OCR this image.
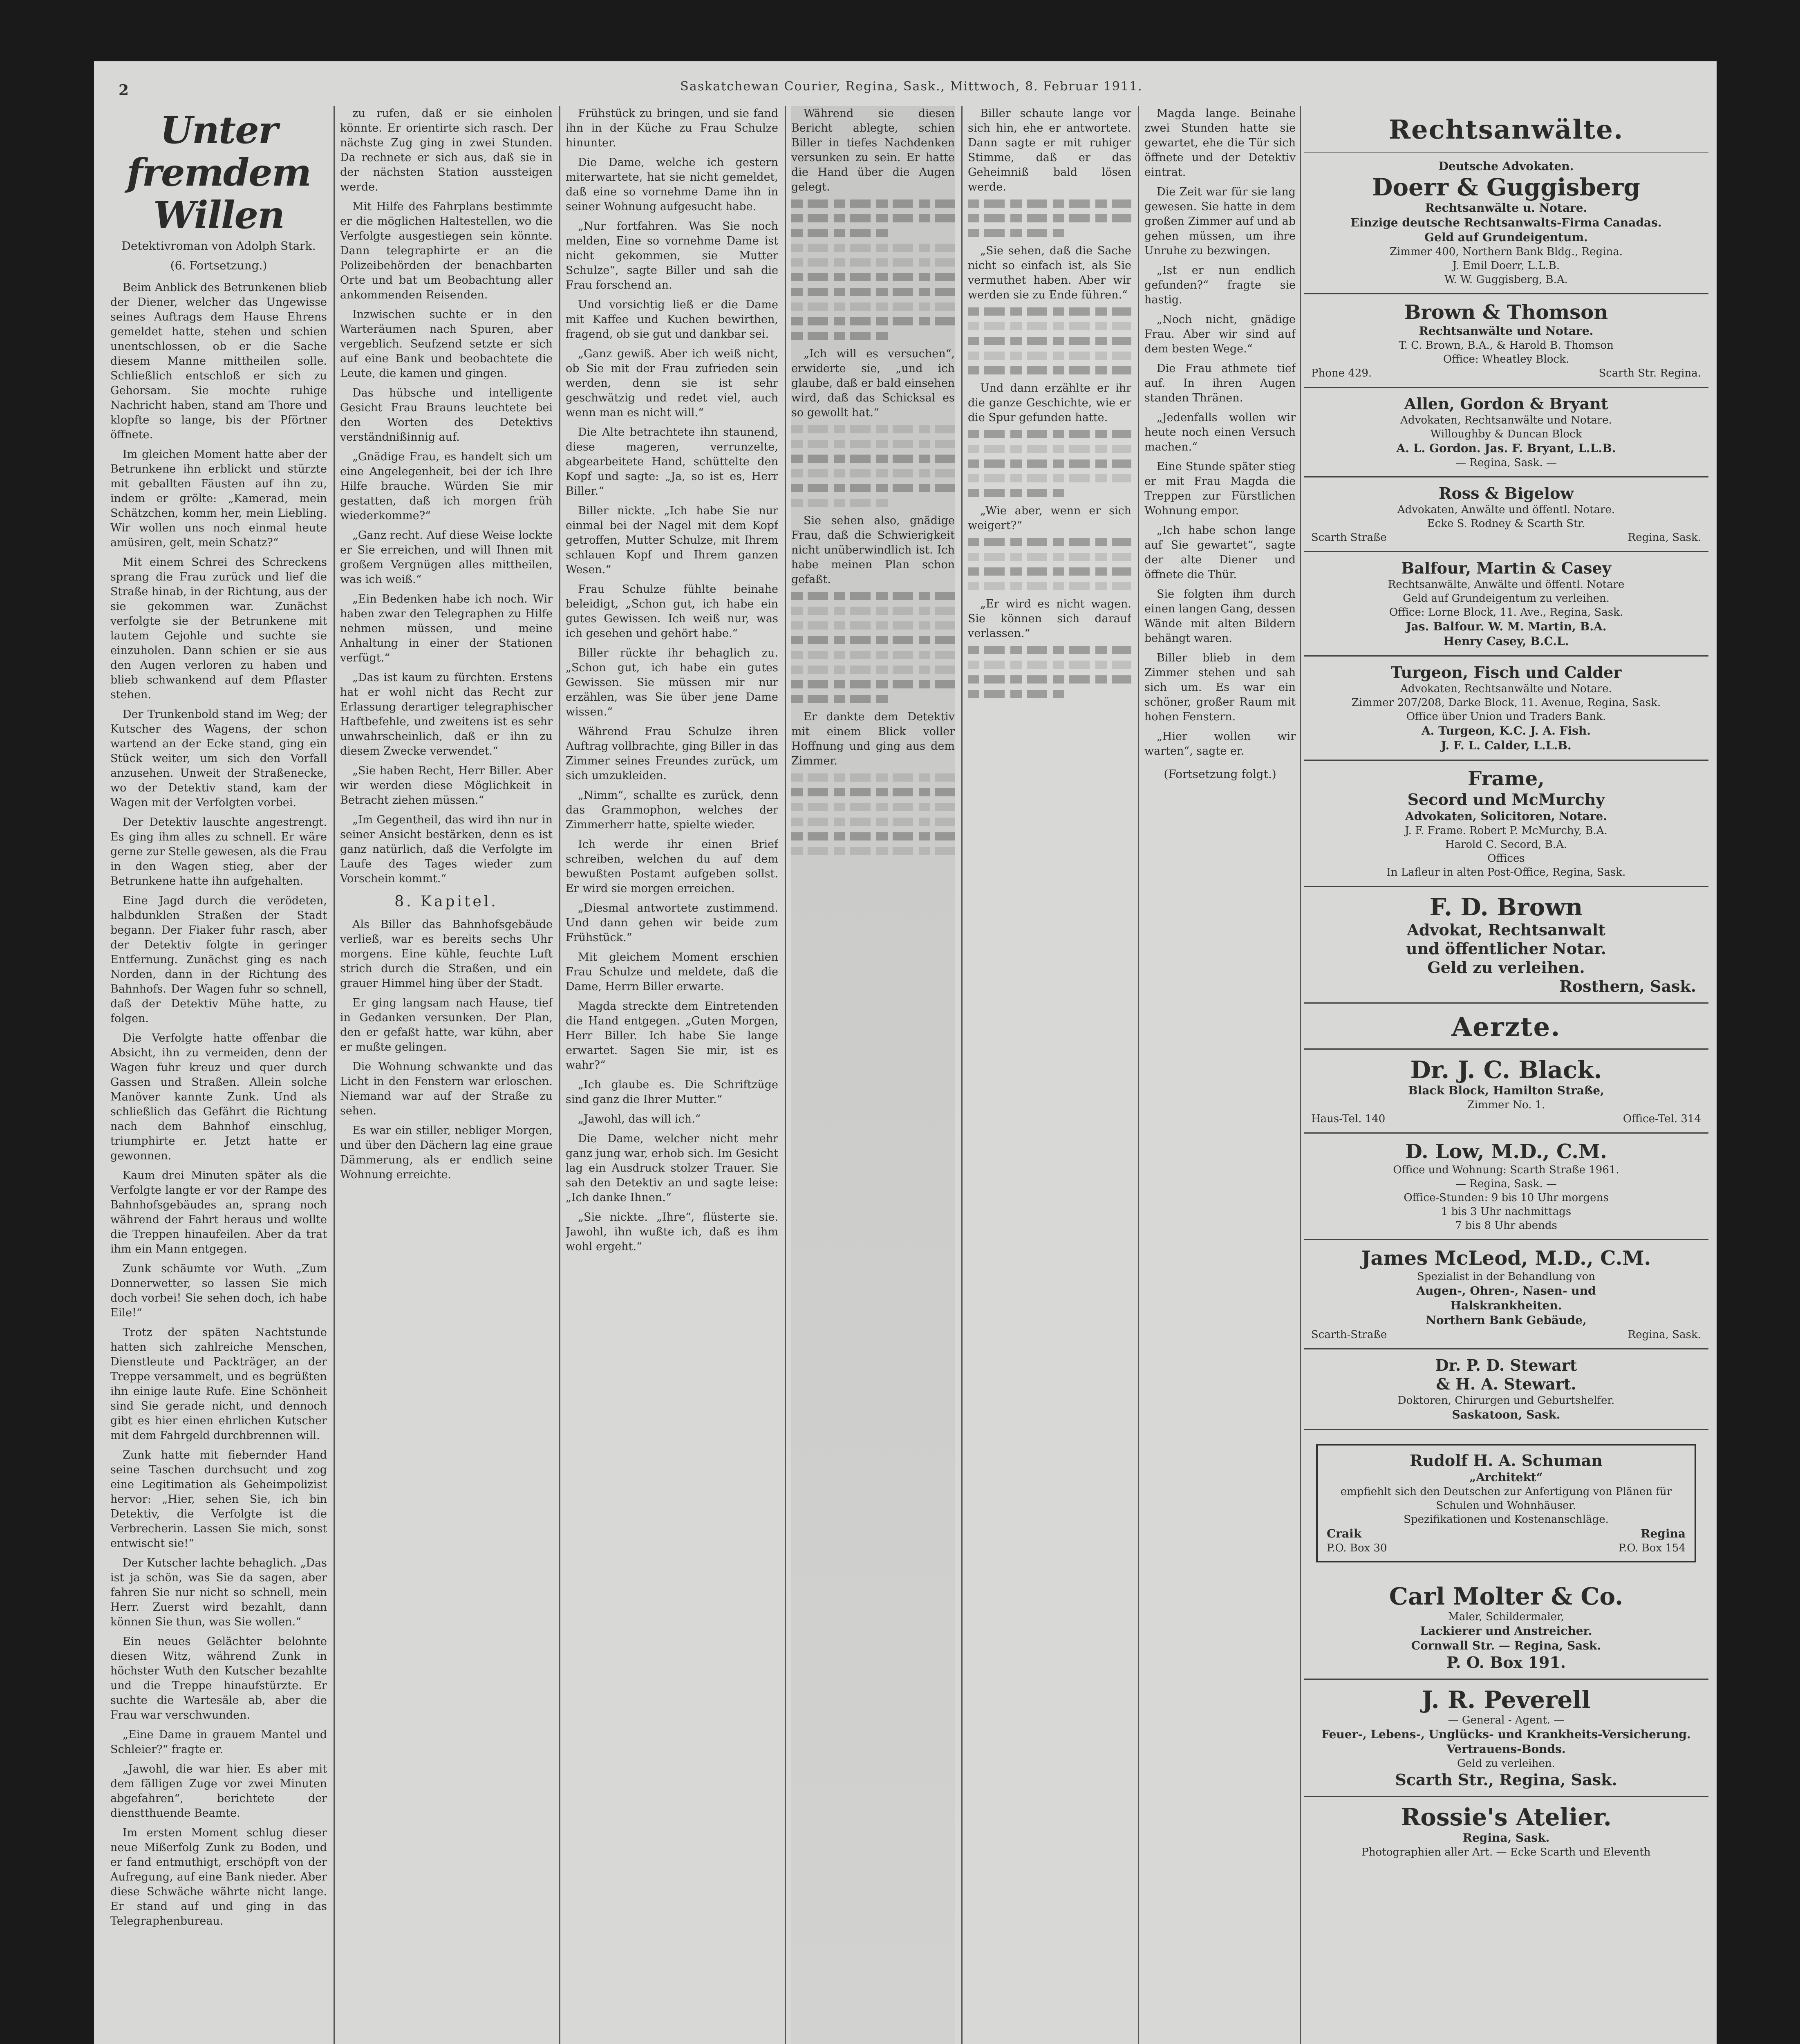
2	Saskatchewan Courier, Regina, Sask., Mittwoch, 8. Februar 1911.
Unter fremdem Willen
Detektivroman von Adolph Stark.
(6. Fortsetzung.)

Beim Anblick des Betrunkenen blieb der Diener, welcher das Ungewisse seines Auftrags dem Hause Ehrens gemeldet hatte, stehen und schien unentschlossen, ob er die Sache diesem Manne mittheilen solle. Schließlich entschloß er sich zu Gehorsam. Sie mochte ruhige Nachricht haben, stand am Thore und klopfte so lange, bis der Pförtner öffnete.

Im gleichen Moment hatte aber der Betrunkene ihn erblickt und stürzte mit geballten Fäusten auf ihn zu, indem er grölte: „Kamerad, mein Schätzchen, komm her, mein Liebling. Wir wollen uns noch einmal heute amüsiren, gelt, mein Schatz?“

Mit einem Schrei des Schreckens sprang die Frau zurück und lief die Straße hinab, in der Richtung, aus der sie gekommen war. Zunächst verfolgte sie der Betrunkene mit lautem Gejohle und suchte sie einzuholen. Dann schien er sie aus den Augen verloren zu haben und blieb schwankend auf dem Pflaster stehen.

Der Trunkenbold stand im Weg; der Kutscher des Wagens, der schon wartend an der Ecke stand, ging ein Stück weiter, um sich den Vorfall anzusehen. Unweit der Straßenecke, wo der Detektiv stand, kam der Wagen mit der Verfolgten vorbei.

Der Detektiv lauschte angestrengt. Es ging ihm alles zu schnell. Er wäre gerne zur Stelle gewesen, als die Frau in den Wagen stieg, aber der Betrunkene hatte ihn aufgehalten.

Eine Jagd durch die verödeten, halbdunklen Straßen der Stadt begann. Der Fiaker fuhr rasch, aber der Detektiv folgte in geringer Entfernung. Zunächst ging es nach Norden, dann in der Richtung des Bahnhofs. Der Wagen fuhr so schnell, daß der Detektiv Mühe hatte, zu folgen.

Die Verfolgte hatte offenbar die Absicht, ihn zu vermeiden, denn der Wagen fuhr kreuz und quer durch Gassen und Straßen. Allein solche Manöver kannte Zunk. Und als schließlich das Gefährt die Richtung nach dem Bahnhof einschlug, triumphirte er. Jetzt hatte er gewonnen.

Kaum drei Minuten später als die Verfolgte langte er vor der Rampe des Bahnhofsgebäudes an, sprang noch während der Fahrt heraus und wollte die Treppen hinaufeilen. Aber da trat ihm ein Mann entgegen.

Zunk schäumte vor Wuth. „Zum Donnerwetter, so lassen Sie mich doch vorbei! Sie sehen doch, ich habe Eile!“

Trotz der späten Nachtstunde hatten sich zahlreiche Menschen, Dienstleute und Packträger, an der Treppe versammelt, und es begrüßten ihn einige laute Rufe. Eine Schönheit sind Sie gerade nicht, und dennoch gibt es hier einen ehrlichen Kutscher mit dem Fahrgeld durchbrennen will.

Zunk hatte mit fiebernder Hand seine Taschen durchsucht und zog eine Legitimation als Geheimpolizist hervor: „Hier, sehen Sie, ich bin Detektiv, die Verfolgte ist die Verbrecherin. Lassen Sie mich, sonst entwischt sie!“

Der Kutscher lachte behaglich. „Das ist ja schön, was Sie da sagen, aber fahren Sie nur nicht so schnell, mein Herr. Zuerst wird bezahlt, dann können Sie thun, was Sie wollen.“

Ein neues Gelächter belohnte diesen Witz, während Zunk in höchster Wuth den Kutscher bezahlte und die Treppe hinaufstürzte. Er suchte die Wartesäle ab, aber die Frau war verschwunden.

„Eine Dame in grauem Mantel und Schleier?“ fragte er.

„Jawohl, die war hier. Es aber mit dem fälligen Zuge vor zwei Minuten abgefahren“, berichtete der dienstthuende Beamte.

Im ersten Moment schlug dieser neue Mißerfolg Zunk zu Boden, und er fand entmuthigt, erschöpft von der Aufregung, auf eine Bank nieder. Aber diese Schwäche währte nicht lange. Er stand auf und ging in das Telegraphenbureau.

zu rufen, daß er sie einholen könnte. Er orientirte sich rasch. Der nächste Zug ging in zwei Stunden. Da rechnete er sich aus, daß sie in der nächsten Station aussteigen werde.

Mit Hilfe des Fahrplans bestimmte er die möglichen Haltestellen, wo die Verfolgte ausgestiegen sein könnte. Dann telegraphirte er an die Polizeibehörden der benachbarten Orte und bat um Beobachtung aller ankommenden Reisenden.

Inzwischen suchte er in den Warteräumen nach Spuren, aber vergeblich. Seufzend setzte er sich auf eine Bank und beobachtete die Leute, die kamen und gingen.

Das hübsche und intelligente Gesicht Frau Brauns leuchtete bei den Worten des Detektivs verständnißinnig auf.

„Gnädige Frau, es handelt sich um eine Angelegenheit, bei der ich Ihre Hilfe brauche. Würden Sie mir gestatten, daß ich morgen früh wiederkomme?“

„Ganz recht. Auf diese Weise lockte er Sie erreichen, und will Ihnen mit großem Vergnügen alles mittheilen, was ich weiß.“

„Ein Bedenken habe ich noch. Wir haben zwar den Telegraphen zu Hilfe nehmen müssen, und meine Anhaltung in einer der Stationen verfügt.“

„Das ist kaum zu fürchten. Erstens hat er wohl nicht das Recht zur Erlassung derartiger telegraphischer Haftbefehle, und zweitens ist es sehr unwahrscheinlich, daß er ihn zu diesem Zwecke verwendet.“

„Sie haben Recht, Herr Biller. Aber wir werden diese Möglichkeit in Betracht ziehen müssen.“

„Im Gegentheil, das wird ihn nur in seiner Ansicht bestärken, denn es ist ganz natürlich, daß die Verfolgte im Laufe des Tages wieder zum Vorschein kommt.“

8. Kapitel.

Als Biller das Bahnhofsgebäude verließ, war es bereits sechs Uhr morgens. Eine kühle, feuchte Luft strich durch die Straßen, und ein grauer Himmel hing über der Stadt.

Er ging langsam nach Hause, tief in Gedanken versunken. Der Plan, den er gefaßt hatte, war kühn, aber er mußte gelingen.

Die Wohnung schwankte und das Licht in den Fenstern war erloschen. Niemand war auf der Straße zu sehen.

Es war ein stiller, nebliger Morgen, und über den Dächern lag eine graue Dämmerung, als er endlich seine Wohnung erreichte.

Frühstück zu bringen, und sie fand ihn in der Küche zu Frau Schulze hinunter.

Die Dame, welche ich gestern miterwartete, hat sie nicht gemeldet, daß eine so vornehme Dame ihn in seiner Wohnung aufgesucht habe.

„Nur fortfahren. Was Sie noch melden, Eine so vornehme Dame ist nicht gekommen, sie Mutter Schulze“, sagte Biller und sah die Frau forschend an.

Und vorsichtig ließ er die Dame mit Kaffee und Kuchen bewirthen, fragend, ob sie gut und dankbar sei.

„Ganz gewiß. Aber ich weiß nicht, ob Sie mit der Frau zufrieden sein werden, denn sie ist sehr geschwätzig und redet viel, auch wenn man es nicht will.“

Die Alte betrachtete ihn staunend, diese mageren, verrunzelte, abgearbeitete Hand, schüttelte den Kopf und sagte: „Ja, so ist es, Herr Biller.“

Biller nickte. „Ich habe Sie nur einmal bei der Nagel mit dem Kopf getroffen, Mutter Schulze, mit Ihrem schlauen Kopf und Ihrem ganzen Wesen.“

Frau Schulze fühlte beinahe beleidigt, „Schon gut, ich habe ein gutes Gewissen. Ich weiß nur, was ich gesehen und gehört habe.“

Biller rückte ihr behaglich zu. „Schon gut, ich habe ein gutes Gewissen. Sie müssen mir nur erzählen, was Sie über jene Dame wissen.“

Während Frau Schulze ihren Auftrag vollbrachte, ging Biller in das Zimmer seines Freundes zurück, um sich umzukleiden.

„Nimm“, schallte es zurück, denn das Grammophon, welches der Zimmerherr hatte, spielte wieder.

Ich werde ihr einen Brief schreiben, welchen du auf dem bewußten Postamt aufgeben sollst. Er wird sie morgen erreichen.

„Diesmal antwortete zustimmend. Und dann gehen wir beide zum Frühstück.“

Mit gleichem Moment erschien Frau Schulze und meldete, daß die Dame, Herrn Biller erwarte.

Magda streckte dem Eintretenden die Hand entgegen. „Guten Morgen, Herr Biller. Ich habe Sie lange erwartet. Sagen Sie mir, ist es wahr?“

„Ich glaube es. Die Schriftzüge sind ganz die Ihrer Mutter.“

„Jawohl, das will ich.“

Die Dame, welcher nicht mehr ganz jung war, erhob sich. Im Gesicht lag ein Ausdruck stolzer Trauer. Sie sah den Detektiv an und sagte leise: „Ich danke Ihnen.“

„Sie nickte. „Ihre“, flüsterte sie. Jawohl, ihn wußte ich, daß es ihm wohl ergeht.“

Während sie diesen Bericht ablegte, schien Biller in tiefes Nachdenken versunken zu sein. Er hatte die Hand über die Augen gelegt.

„Ich will es versuchen“, erwiderte sie, „und ich glaube, daß er bald einsehen wird, daß das Schicksal es so gewollt hat.“

Sie sehen also, gnädige Frau, daß die Schwierigkeit nicht unüberwindlich ist. Ich habe meinen Plan schon gefaßt.

Er dankte dem Detektiv mit einem Blick voller Hoffnung und ging aus dem Zimmer.

Biller schaute lange vor sich hin, ehe er antwortete. Dann sagte er mit ruhiger Stimme, daß er das Geheimniß bald lösen werde.

„Sie sehen, daß die Sache nicht so einfach ist, als Sie vermuthet haben. Aber wir werden sie zu Ende führen.“

Und dann erzählte er ihr die ganze Geschichte, wie er die Spur gefunden hatte.

„Wie aber, wenn er sich weigert?“

„Er wird es nicht wagen. Sie können sich darauf verlassen.“

Magda lange. Beinahe zwei Stunden hatte sie gewartet, ehe die Tür sich öffnete und der Detektiv eintrat.

Die Zeit war für sie lang gewesen. Sie hatte in dem großen Zimmer auf und ab gehen müssen, um ihre Unruhe zu bezwingen.

„Ist er nun endlich gefunden?“ fragte sie hastig.

„Noch nicht, gnädige Frau. Aber wir sind auf dem besten Wege.“

Die Frau athmete tief auf. In ihren Augen standen Thränen.

„Jedenfalls wollen wir heute noch einen Versuch machen.“

Eine Stunde später stieg er mit Frau Magda die Treppen zur Fürstlichen Wohnung empor.

„Ich habe schon lange auf Sie gewartet“, sagte der alte Diener und öffnete die Thür.

Sie folgten ihm durch einen langen Gang, dessen Wände mit alten Bildern behängt waren.

Biller blieb in dem Zimmer stehen und sah sich um. Es war ein schöner, großer Raum mit hohen Fenstern.

„Hier wollen wir warten“, sagte er.

(Fortsetzung folgt.)
Rechtsanwälte.
Deutsche Advokaten.
Doerr & Guggisberg
Rechtsanwälte u. Notare.
Einzige deutsche Rechtsanwalts-Firma Canadas.
Geld auf Grundeigentum.
Zimmer 400, Northern Bank Bldg., Regina.
J. Emil Doerr, L.L.B.
W. W. Guggisberg, B.A.
Brown & Thomson
Rechtsanwälte und Notare.
T. C. Brown, B.A., & Harold B. Thomson
Office: Wheatley Block.
Phone 429.	Scarth Str. Regina.
Allen, Gordon & Bryant
Advokaten, Rechtsanwälte und Notare.
Willoughby & Duncan Block
A. L. Gordon. Jas. F. Bryant, L.L.B.
— Regina, Sask. —
Ross & Bigelow
Advokaten, Anwälte und öffentl. Notare.
Ecke S. Rodney & Scarth Str.
Scarth Straße	Regina, Sask.
Balfour, Martin & Casey
Rechtsanwälte, Anwälte und öffentl. Notare
Geld auf Grundeigentum zu verleihen.
Office: Lorne Block, 11. Ave., Regina, Sask.
Jas. Balfour. W. M. Martin, B.A.
Henry Casey, B.C.L.
Turgeon, Fisch und Calder
Advokaten, Rechtsanwälte und Notare.
Zimmer 207/208, Darke Block, 11. Avenue, Regina, Sask.
Office über Union und Traders Bank.
A. Turgeon, K.C. J. A. Fish.
J. F. L. Calder, L.L.B.
Frame,
Secord und McMurchy
Advokaten, Solicitoren, Notare.
J. F. Frame. Robert P. McMurchy, B.A.
Harold C. Secord, B.A.
Offices
In Lafleur in alten Post-Office, Regina, Sask.
F. D. Brown
Advokat, Rechtsanwalt
und öffentlicher Notar.
Geld zu verleihen.
Rosthern, Sask.
Aerzte.
Dr. J. C. Black.
Black Block, Hamilton Straße,
Zimmer No. 1.
Haus-Tel. 140	Office-Tel. 314
D. Low, M.D., C.M.
Office und Wohnung: Scarth Straße 1961.
— Regina, Sask. —
Office-Stunden: 9 bis 10 Uhr morgens
1 bis 3 Uhr nachmittags
7 bis 8 Uhr abends
James McLeod, M.D., C.M.
Spezialist in der Behandlung von
Augen-, Ohren-, Nasen- und
Halskrankheiten.
Northern Bank Gebäude,
Scarth-Straße	Regina, Sask.
Dr. P. D. Stewart
& H. A. Stewart.
Doktoren, Chirurgen und Geburtshelfer.
Saskatoon, Sask.
Rudolf H. A. Schuman
„Architekt“
empfiehlt sich den Deutschen zur Anfertigung von Plänen für Schulen und Wohnhäuser.
Spezifikationen und Kostenanschläge.
Craik	Regina
P.O. Box 30	P.O. Box 154
Carl Molter & Co.
Maler, Schildermaler,
Lackierer und Anstreicher.
Cornwall Str. — Regina, Sask.
P. O. Box 191.
J. R. Peverell
— General - Agent. —
Feuer-, Lebens-, Unglücks- und Krankheits-Versicherung.
Vertrauens-Bonds.
Geld zu verleihen.
Scarth Str., Regina, Sask.
Rossie's Atelier.
Regina, Sask.
Photographien aller Art. — Ecke Scarth und Eleventh
